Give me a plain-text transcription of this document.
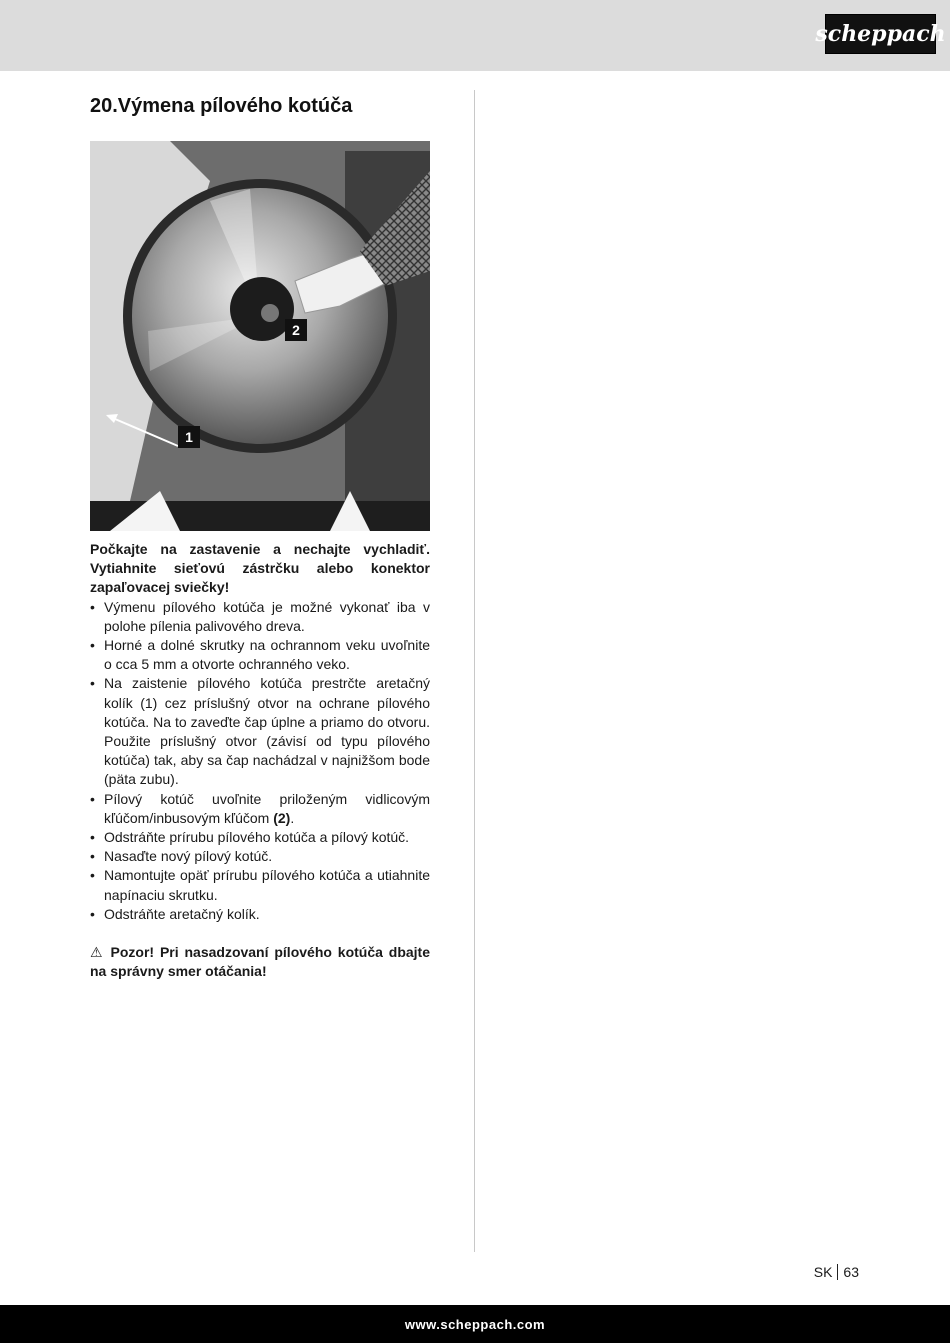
scheppach
20.Výmena pílového kotúča
1
2

Počkajte na zastavenie a nechajte vychladiť. Vytiahnite sieťovú zástrčku alebo konektor zapaľovacej sviečky!

• Výmenu pílového kotúča je možné vykonať iba v polohe pílenia palivového dreva.
• Horné a dolné skrutky na ochrannom veku uvoľnite o cca 5 mm a otvorte ochranného veko.
• Na zaistenie pílového kotúča prestrčte aretačný kolík (1) cez príslušný otvor na ochrane pílového kotúča. Na to zaveďte čap úplne a priamo do otvoru. Použite príslušný otvor (závisí od typu pílového kotúča) tak, aby sa čap nachádzal v najnižšom bode (päta zubu).
• Pílový kotúč uvoľnite priloženým vidlicovým kľúčom/inbusovým kľúčom (2).
• Odstráňte prírubu pílového kotúča a pílový kotúč.
• Nasaďte nový pílový kotúč.
• Namontujte opäť prírubu pílového kotúča a utiahnite napínaciu skrutku.
• Odstráňte aretačný kolík.

⚠ Pozor! Pri nasadzovaní pílového kotúča dbajte na správny smer otáčania!

SK 63
www.scheppach.com
